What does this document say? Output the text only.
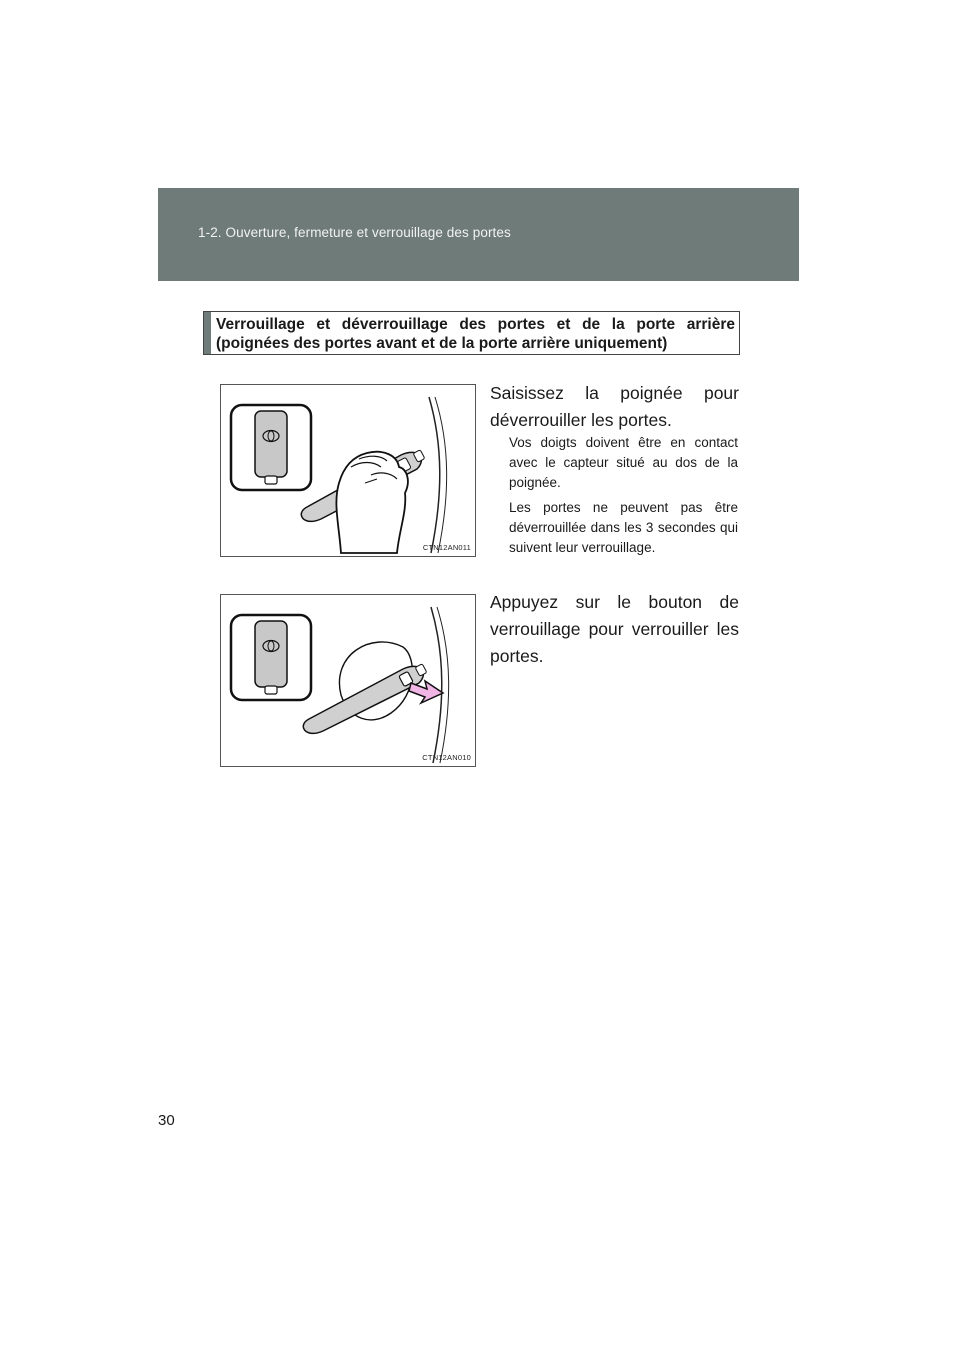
1-2. Ouverture, fermeture et verrouillage des portes
Verrouillage et déverrouillage des portes et de la porte arrière (poignées des portes avant et de la porte arrière uniquement)
CTN12AN011
CTN12AN010

Saisissez la poignée pour déverrouiller les portes.

Vos doigts doivent être en contact avec le capteur situé au dos de la poignée.

Les portes ne peuvent pas être déverrouillée dans les 3 secondes qui suivent leur verrouillage.

Appuyez sur le bouton de verrouillage pour verrouiller les portes.

30
